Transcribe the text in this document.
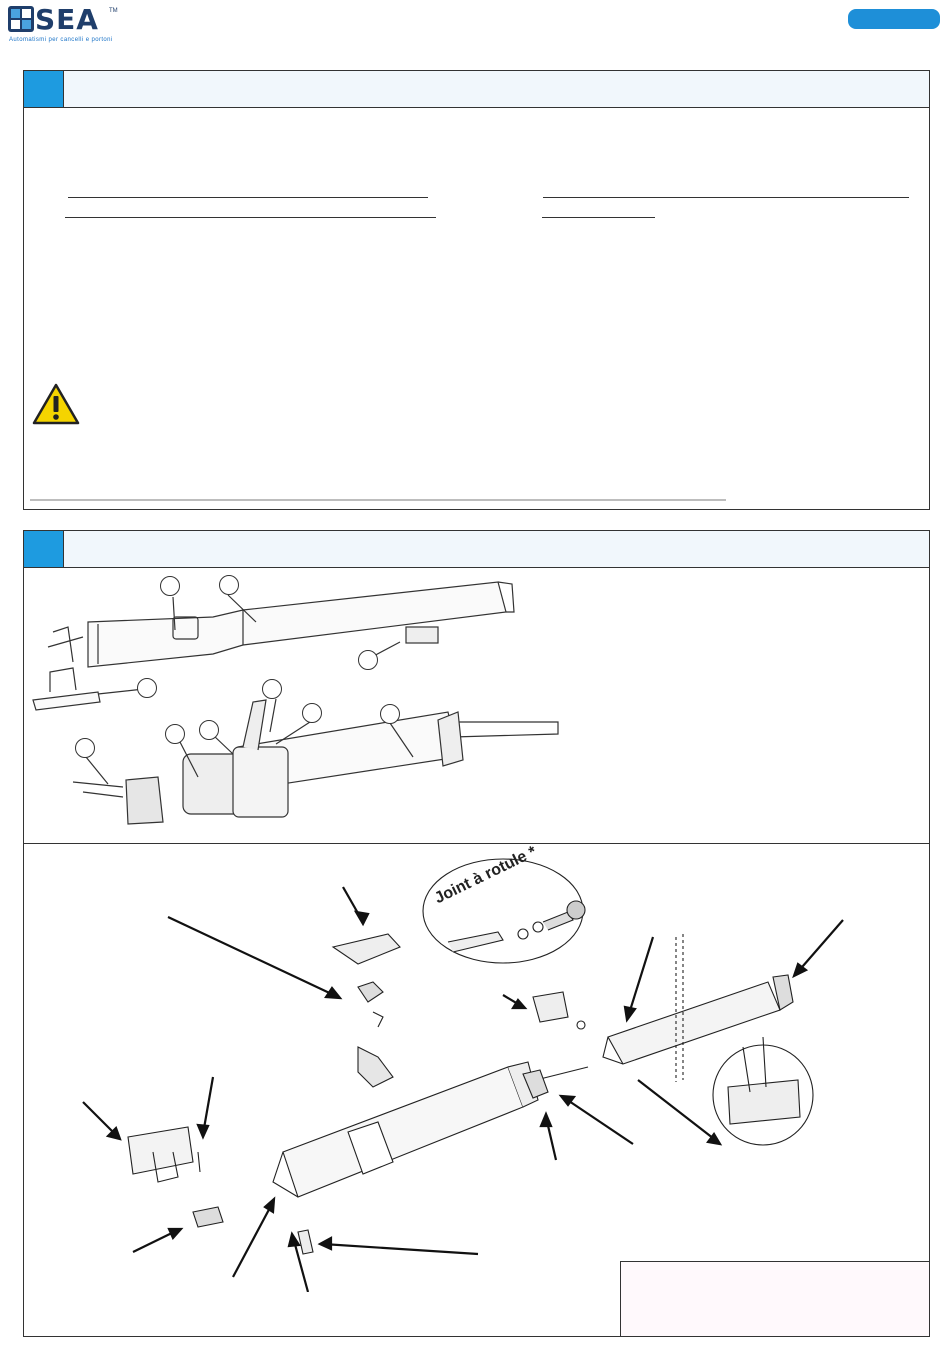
SEA TM
Automatismi per cancelli e portoni
Joint à rotule *
